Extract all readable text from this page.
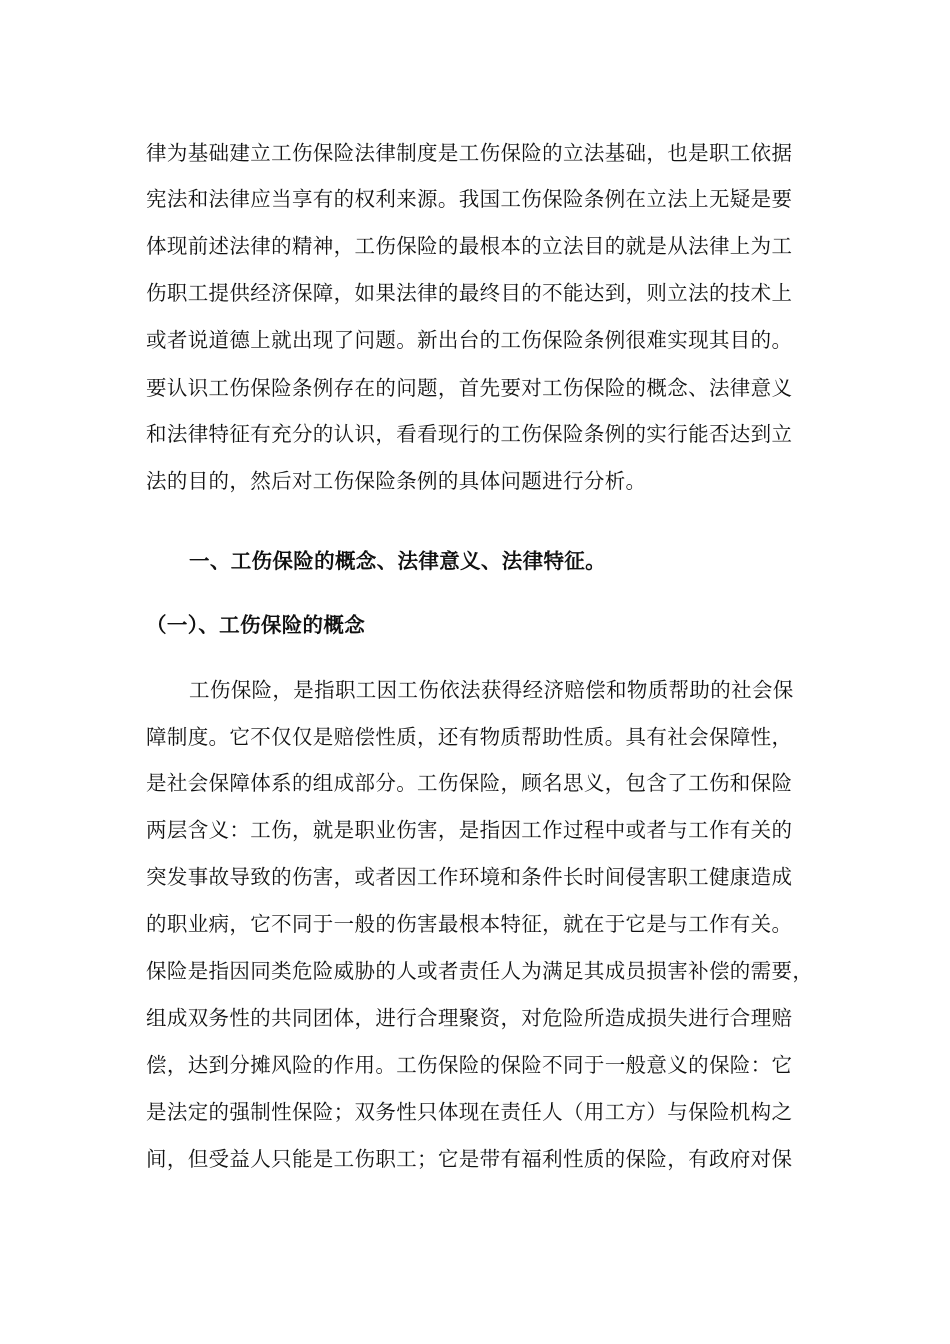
律为基础建立工伤保险法律制度是工伤保险的立法基础，也是职工依据
宪法和法律应当享有的权利来源。我国工伤保险条例在立法上无疑是要
体现前述法律的精神，工伤保险的最根本的立法目的就是从法律上为工
伤职工提供经济保障，如果法律的最终目的不能达到，则立法的技术上
或者说道德上就出现了问题。新出台的工伤保险条例很难实现其目的。
要认识工伤保险条例存在的问题，首先要对工伤保险的概念、法律意义
和法律特征有充分的认识，看看现行的工伤保险条例的实行能否达到立
法的目的，然后对工伤保险条例的具体问题进行分析。
一、工伤保险的概念、法律意义、法律特征。
（一）、工伤保险的概念
工伤保险，是指职工因工伤依法获得经济赔偿和物质帮助的社会保
障制度。它不仅仅是赔偿性质，还有物质帮助性质。具有社会保障性，
是社会保障体系的组成部分。工伤保险，顾名思义，包含了工伤和保险
两层含义：工伤，就是职业伤害，是指因工作过程中或者与工作有关的
突发事故导致的伤害，或者因工作环境和条件长时间侵害职工健康造成
的职业病，它不同于一般的伤害最根本特征，就在于它是与工作有关。
保险是指因同类危险威胁的人或者责任人为满足其成员损害补偿的需要，
组成双务性的共同团体，进行合理聚资，对危险所造成损失进行合理赔
偿，达到分摊风险的作用。工伤保险的保险不同于一般意义的保险：它
是法定的强制性保险；双务性只体现在责任人（用工方）与保险机构之
间，但受益人只能是工伤职工；它是带有福利性质的保险，有政府对保
